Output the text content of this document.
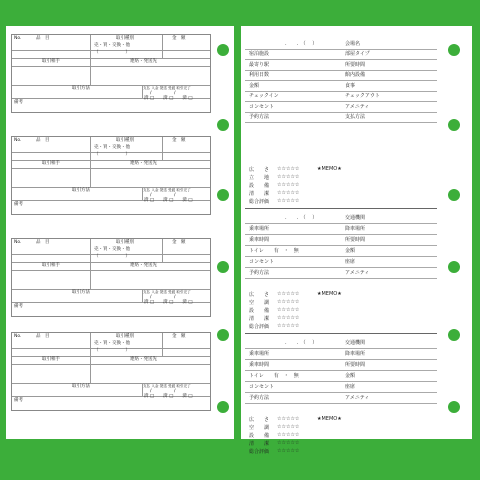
No.	品　目	取引種別	金　額
売・買・交換・他
（　　　　　　）
取引相手	連絡・発送先
取引方法	支払 入金 発送 受渡 取引完了
/　　　　　/
済 □　　済 □　　済 □
備考
No.	品　目	取引種別	金　額
売・買・交換・他
（　　　　　　）
取引相手	連絡・発送先
取引方法	支払 入金 発送 受渡 取引完了
/　　　　　/
済 □　　済 □　　済 □
備考
No.	品　目	取引種別	金　額
売・買・交換・他
（　　　　　　）
取引相手	連絡・発送先
取引方法	支払 入金 発送 受渡 取引完了
/　　　　　/
済 □　　済 □　　済 □
備考
No.	品　目	取引種別	金　額
売・買・交換・他
（　　　　　　）
取引相手	連絡・発送先
取引方法	支払 入金 発送 受渡 取引完了
/　　　　　/
済 □　　済 □　　済 □
備考
.　　.　（　 ）	会場名
宿泊施設	部屋タイプ
最寄り駅	所要時間
利用日数	館内設備
金額	食事
チェックイン	チェックアウト
コンセント	アメニティ
予約方法	支払方法
広　　さ ☆☆☆☆☆
立　　地 ☆☆☆☆☆
設　　備 ☆☆☆☆☆
清　　潔 ☆☆☆☆☆
総合評価 ☆☆☆☆☆
★MEMO★
.　　.　（　 ）	交通機関
乗車場所	降車場所
乗車時間	所要時間
トイレ　　有　・　無	金額
コンセント	座席
予約方法	アメニティ
広　　さ ☆☆☆☆☆
空　　調 ☆☆☆☆☆
設　　備 ☆☆☆☆☆
清　　潔 ☆☆☆☆☆
総合評価 ☆☆☆☆☆
★MEMO★
.　　.　（　 ）	交通機関
乗車場所	降車場所
乗車時間	所要時間
トイレ　　有　・　無	金額
コンセント	座席
予約方法	アメニティ
広　　さ ☆☆☆☆☆
空　　調 ☆☆☆☆☆
設　　備 ☆☆☆☆☆
清　　潔 ☆☆☆☆☆
総合評価 ☆☆☆☆☆
★MEMO★
